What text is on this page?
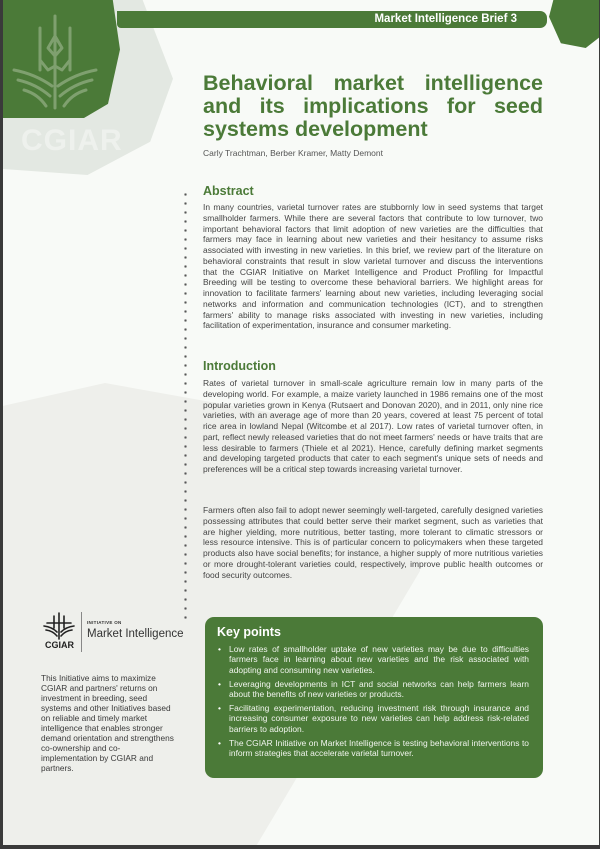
CGIAR
Market Intelligence Brief 3
Behavioral market intelligence and its implications for seed systems development
Carly Trachtman, Berber Kramer, Matty Demont
Abstract

In many countries, varietal turnover rates are stubbornly low in seed systems that target smallholder farmers. While there are several factors that contribute to low turnover, two important behavioral factors that limit adoption of new varieties are the difficulties that farmers may face in learning about new varieties and their hesitancy to assume risks associated with investing in new varieties. In this brief, we review part of the literature on behavioral constraints that result in slow varietal turnover and discuss the interventions that the CGIAR Initiative on Market Intelligence and Product Profiling for Impactful Breeding will be testing to overcome these behavioral barriers. We highlight areas for innovation to facilitate farmers' learning about new varieties, including leveraging social networks and information and communication technologies (ICT), and to strengthen farmers' ability to manage risks associated with investing in new varieties, including facilitation of experimentation, insurance and consumer marketing.

Introduction

Rates of varietal turnover in small-scale agriculture remain low in many parts of the developing world. For example, a maize variety launched in 1986 remains one of the most popular varieties grown in Kenya (Rutsaert and Donovan 2020), and in 2011, only nine rice varieties, with an average age of more than 20 years, covered at least 75 percent of total rice area in lowland Nepal (Witcombe et al 2017). Low rates of varietal turnover often, in part, reflect newly released varieties that do not meet farmers' needs or have traits that are less desirable to farmers (Thiele et al 2021). Hence, carefully defining market segments and developing targeted products that cater to each segment's unique sets of needs and preferences will be a critical step towards increasing varietal turnover.

Farmers often also fail to adopt newer seemingly well-targeted, carefully designed varieties possessing attributes that could better serve their market segment, such as varieties that are higher yielding, more nutritious, better tasting, more tolerant to climatic stressors or less resource intensive. This is of particular concern to policymakers when these targeted products also have social benefits; for instance, a higher supply of more nutritious varieties or more drought-tolerant varieties could, respectively, improve public health outcomes or food security outcomes.

CGIAR
INITIATIVE ON
Market Intelligence

This Initiative aims to maximize CGIAR and partners' returns on investment in breeding, seed systems and other Initiatives based on reliable and timely market intelligence that enables stronger demand orientation and strengthens co-ownership and co-implementation by CGIAR and partners.

Key points
• Low rates of smallholder uptake of new varieties may be due to difficulties farmers face in learning about new varieties and the risk associated with adopting and consuming new varieties.
• Leveraging developments in ICT and social networks can help farmers learn about the benefits of new varieties or products.
• Facilitating experimentation, reducing investment risk through insurance and increasing consumer exposure to new varieties can help address risk-related barriers to adoption.
• The CGIAR Initiative on Market Intelligence is testing behavioral interventions to inform strategies that accelerate varietal turnover.
